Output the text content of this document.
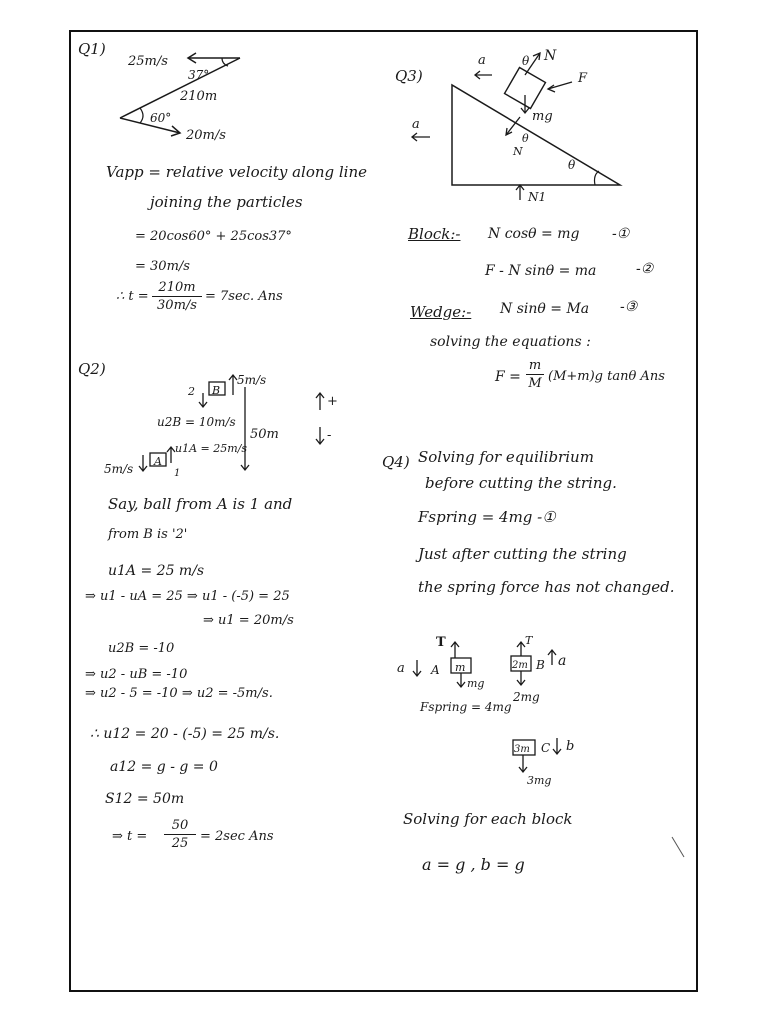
Q1)
25m/s
37°
210m
60°
20m/s
Vapp = relative velocity along line
joining the particles
= 20cos60° + 25cos37°
= 30m/s
∴ t =
210m
30m/s
= 7sec. Ans
Q2)
2 B
5m/s
u2B = 10m/s
u1A = 25m/s
50m
+
-
5m/s
A
1
Say, ball from A is 1 and
from B is '2'
u1A = 25 m/s
⇒ u1 - uA = 25 ⇒ u1 - (-5) = 25
⇒ u1 = 20m/s
u2B = -10
⇒ u2 - uB = -10
⇒ u2 - 5 = -10 ⇒ u2 = -5m/s.
∴ u12 = 20 - (-5) = 25 m/s.
a12 = g - g = 0
S12 = 50m
⇒ t =
50
25 = 2sec Ans
Q3)
a	θ N
F
mg
a
θ
N
θ
N1
Block:- N cosθ = mg -①
F - N sinθ = ma	-②
Wedge:- N sinθ = Ma -③
solving the equations :
F =
m
M (M+m)g tanθ Ans
Q4) Solving for equilibrium
before cutting the string.
Fspring = 4mg -①
Just after cutting the string
the spring force has not changed.
T
a A m
mg
Fspring = 4mg
T
2m B a
2mg
3m C b
3mg
Solving for each block
a = g , b = g
